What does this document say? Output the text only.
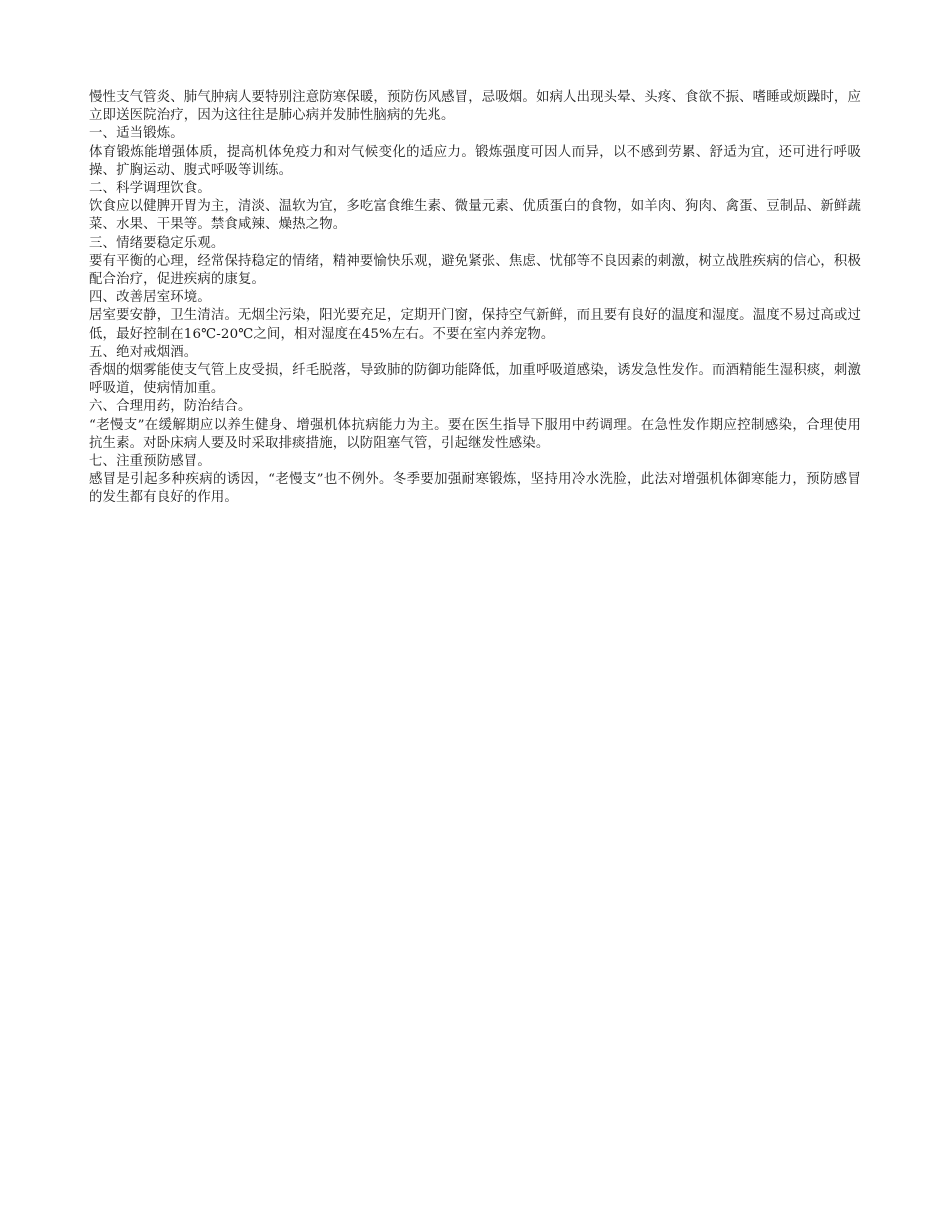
慢性支气管炎、肺气肿病人要特别注意防寒保暖，预防伤风感冒，忌吸烟。如病人出现头晕、头疼、食欲不振、嗜睡或烦躁时，应立即送医院治疗，因为这往往是肺心病并发肺性脑病的先兆。

一、适当锻炼。

体育锻炼能增强体质，提高机体免疫力和对气候变化的适应力。锻炼强度可因人而异，以不感到劳累、舒适为宜，还可进行呼吸操、扩胸运动、腹式呼吸等训练。

二、科学调理饮食。

饮食应以健脾开胃为主，清淡、温软为宜，多吃富食维生素、微量元素、优质蛋白的食物，如羊肉、狗肉、禽蛋、豆制品、新鲜蔬菜、水果、干果等。禁食咸辣、燥热之物。

三、情绪要稳定乐观。

要有平衡的心理，经常保持稳定的情绪，精神要愉快乐观，避免紧张、焦虑、忧郁等不良因素的刺激，树立战胜疾病的信心，积极配合治疗，促进疾病的康复。

四、改善居室环境。

居室要安静，卫生清洁。无烟尘污染，阳光要充足，定期开门窗，保持空气新鲜，而且要有良好的温度和湿度。温度不易过高或过低，最好控制在16℃-20℃之间，相对湿度在45%左右。不要在室内养宠物。

五、绝对戒烟酒。

香烟的烟雾能使支气管上皮受损，纤毛脱落，导致肺的防御功能降低，加重呼吸道感染，诱发急性发作。而酒精能生湿积痰，刺激呼吸道，使病情加重。

六、合理用药，防治结合。

“老慢支”在缓解期应以养生健身、增强机体抗病能力为主。要在医生指导下服用中药调理。在急性发作期应控制感染，合理使用抗生素。对卧床病人要及时采取排痰措施，以防阻塞气管，引起继发性感染。

七、注重预防感冒。

感冒是引起多种疾病的诱因，“老慢支”也不例外。冬季要加强耐寒锻炼，坚持用冷水洗脸，此法对增强机体御寒能力，预防感冒的发生都有良好的作用。
